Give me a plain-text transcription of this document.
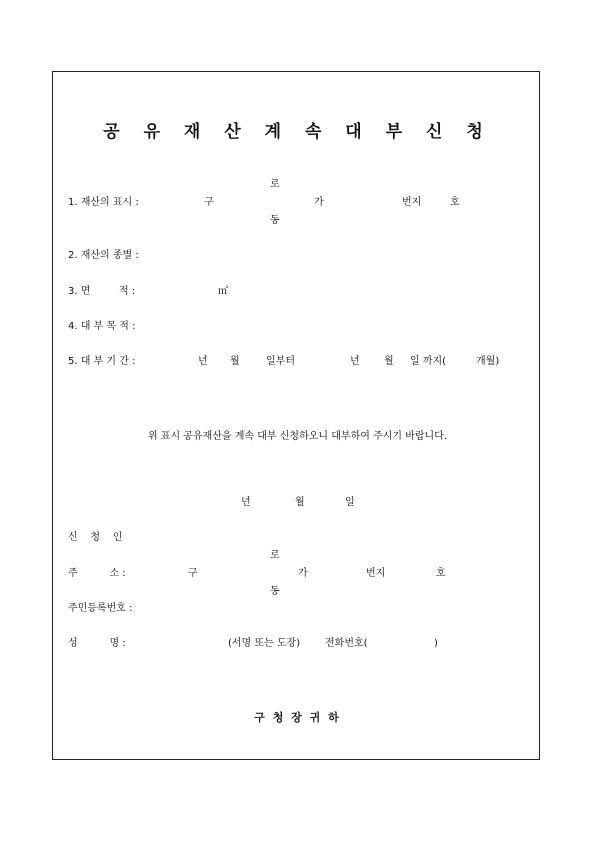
공 유 재 산 계 속 대 부 신 청
로
1. 재산의 표시 :	구	가	번지	호
동
2. 재산의 종별 :
3. 면         적 :	㎡
4. 대 부 목 적 :
5. 대 부 기 간 :	년 월	일부터	년 월 일 까지(	개월)
위 표시 공유재산을 계속 대부 신청하오니 대부하여 주시기 바랍니다.
년	월	일
신    청    인
로
주          소 :	구	가	번지	호
동
주민등록번호 :
성          명 :	(서명 또는 도장) 전화번호(	)
구 청 장 귀 하
